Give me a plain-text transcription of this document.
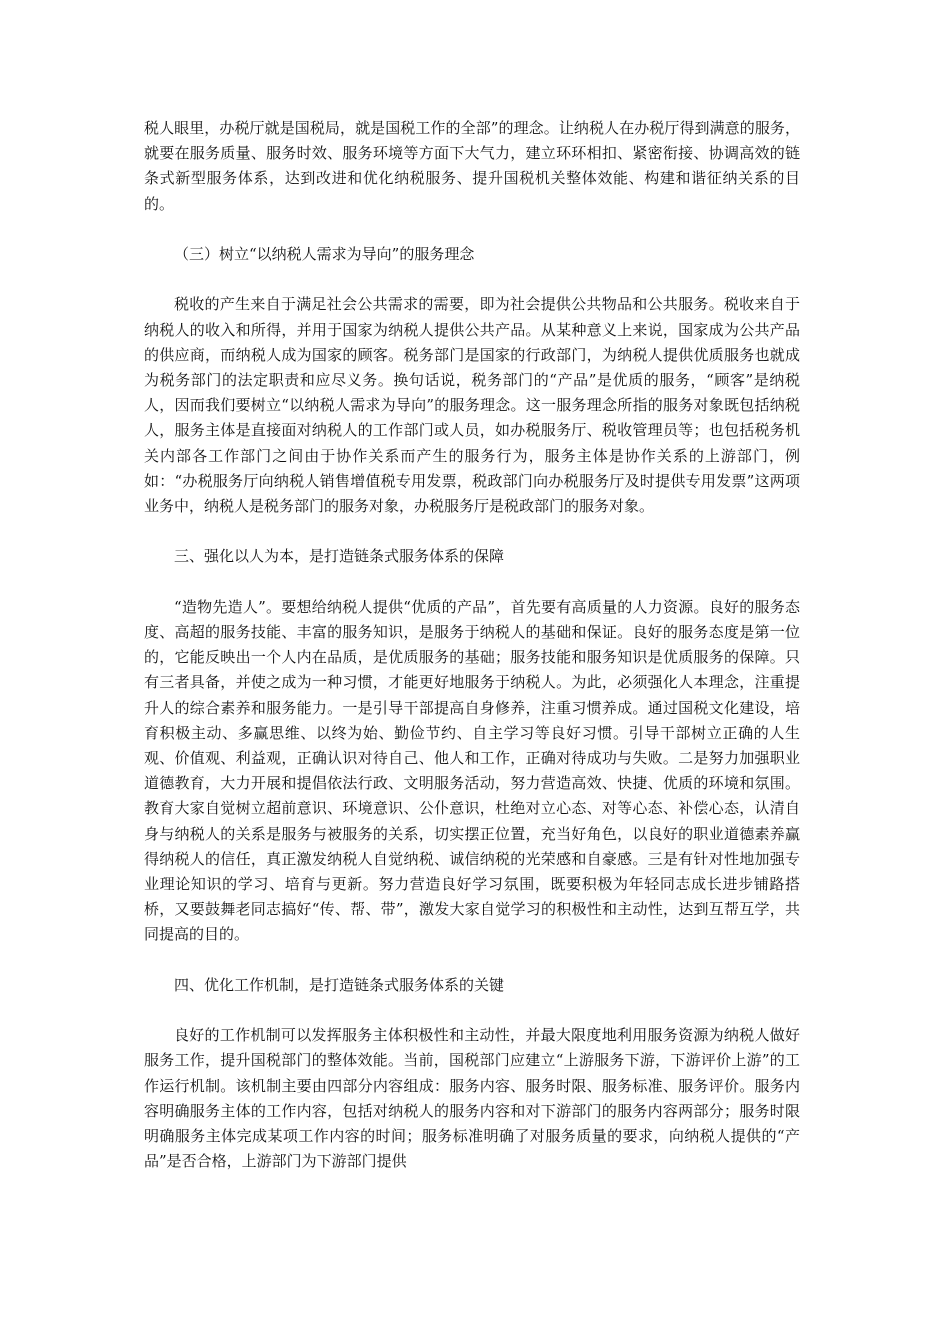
税人眼里，办税厅就是国税局，就是国税工作的全部”的理念。让纳税人在办税厅得到满意的服务，就要在服务质量、服务时效、服务环境等方面下大气力，建立环环相扣、紧密衔接、协调高效的链条式新型服务体系，达到改进和优化纳税服务、提升国税机关整体效能、构建和谐征纳关系的目的。

（三）树立“以纳税人需求为导向”的服务理念

税收的产生来自于满足社会公共需求的需要，即为社会提供公共物品和公共服务。税收来自于纳税人的收入和所得，并用于国家为纳税人提供公共产品。从某种意义上来说，国家成为公共产品的供应商，而纳税人成为国家的顾客。税务部门是国家的行政部门，为纳税人提供优质服务也就成为税务部门的法定职责和应尽义务。换句话说，税务部门的“产品”是优质的服务，“顾客”是纳税人，因而我们要树立“以纳税人需求为导向”的服务理念。这一服务理念所指的服务对象既包括纳税人，服务主体是直接面对纳税人的工作部门或人员，如办税服务厅、税收管理员等；也包括税务机关内部各工作部门之间由于协作关系而产生的服务行为，服务主体是协作关系的上游部门，例如：“办税服务厅向纳税人销售增值税专用发票，税政部门向办税服务厅及时提供专用发票”这两项业务中，纳税人是税务部门的服务对象，办税服务厅是税政部门的服务对象。

三、强化以人为本，是打造链条式服务体系的保障

“造物先造人”。要想给纳税人提供“优质的产品”，首先要有高质量的人力资源。良好的服务态度、高超的服务技能、丰富的服务知识，是服务于纳税人的基础和保证。良好的服务态度是第一位的，它能反映出一个人内在品质，是优质服务的基础；服务技能和服务知识是优质服务的保障。只有三者具备，并使之成为一种习惯，才能更好地服务于纳税人。为此，必须强化人本理念，注重提升人的综合素养和服务能力。一是引导干部提高自身修养，注重习惯养成。通过国税文化建设，培育积极主动、多赢思维、以终为始、勤俭节约、自主学习等良好习惯。引导干部树立正确的人生观、价值观、利益观，正确认识对待自己、他人和工作，正确对待成功与失败。二是努力加强职业道德教育，大力开展和提倡依法行政、文明服务活动，努力营造高效、快捷、优质的环境和氛围。教育大家自觉树立超前意识、环境意识、公仆意识，杜绝对立心态、对等心态、补偿心态，认清自身与纳税人的关系是服务与被服务的关系，切实摆正位置，充当好角色，以良好的职业道德素养赢得纳税人的信任，真正激发纳税人自觉纳税、诚信纳税的光荣感和自豪感。三是有针对性地加强专业理论知识的学习、培育与更新。努力营造良好学习氛围，既要积极为年轻同志成长进步铺路搭桥，又要鼓舞老同志搞好“传、帮、带”，激发大家自觉学习的积极性和主动性，达到互帮互学，共同提高的目的。

四、优化工作机制，是打造链条式服务体系的关键

良好的工作机制可以发挥服务主体积极性和主动性，并最大限度地利用服务资源为纳税人做好服务工作，提升国税部门的整体效能。当前，国税部门应建立“上游服务下游，下游评价上游”的工作运行机制。该机制主要由四部分内容组成：服务内容、服务时限、服务标准、服务评价。服务内容明确服务主体的工作内容，包括对纳税人的服务内容和对下游部门的服务内容两部分；服务时限明确服务主体完成某项工作内容的时间；服务标准明确了对服务质量的要求，向纳税人提供的“产品”是否合格，上游部门为下游部门提供
